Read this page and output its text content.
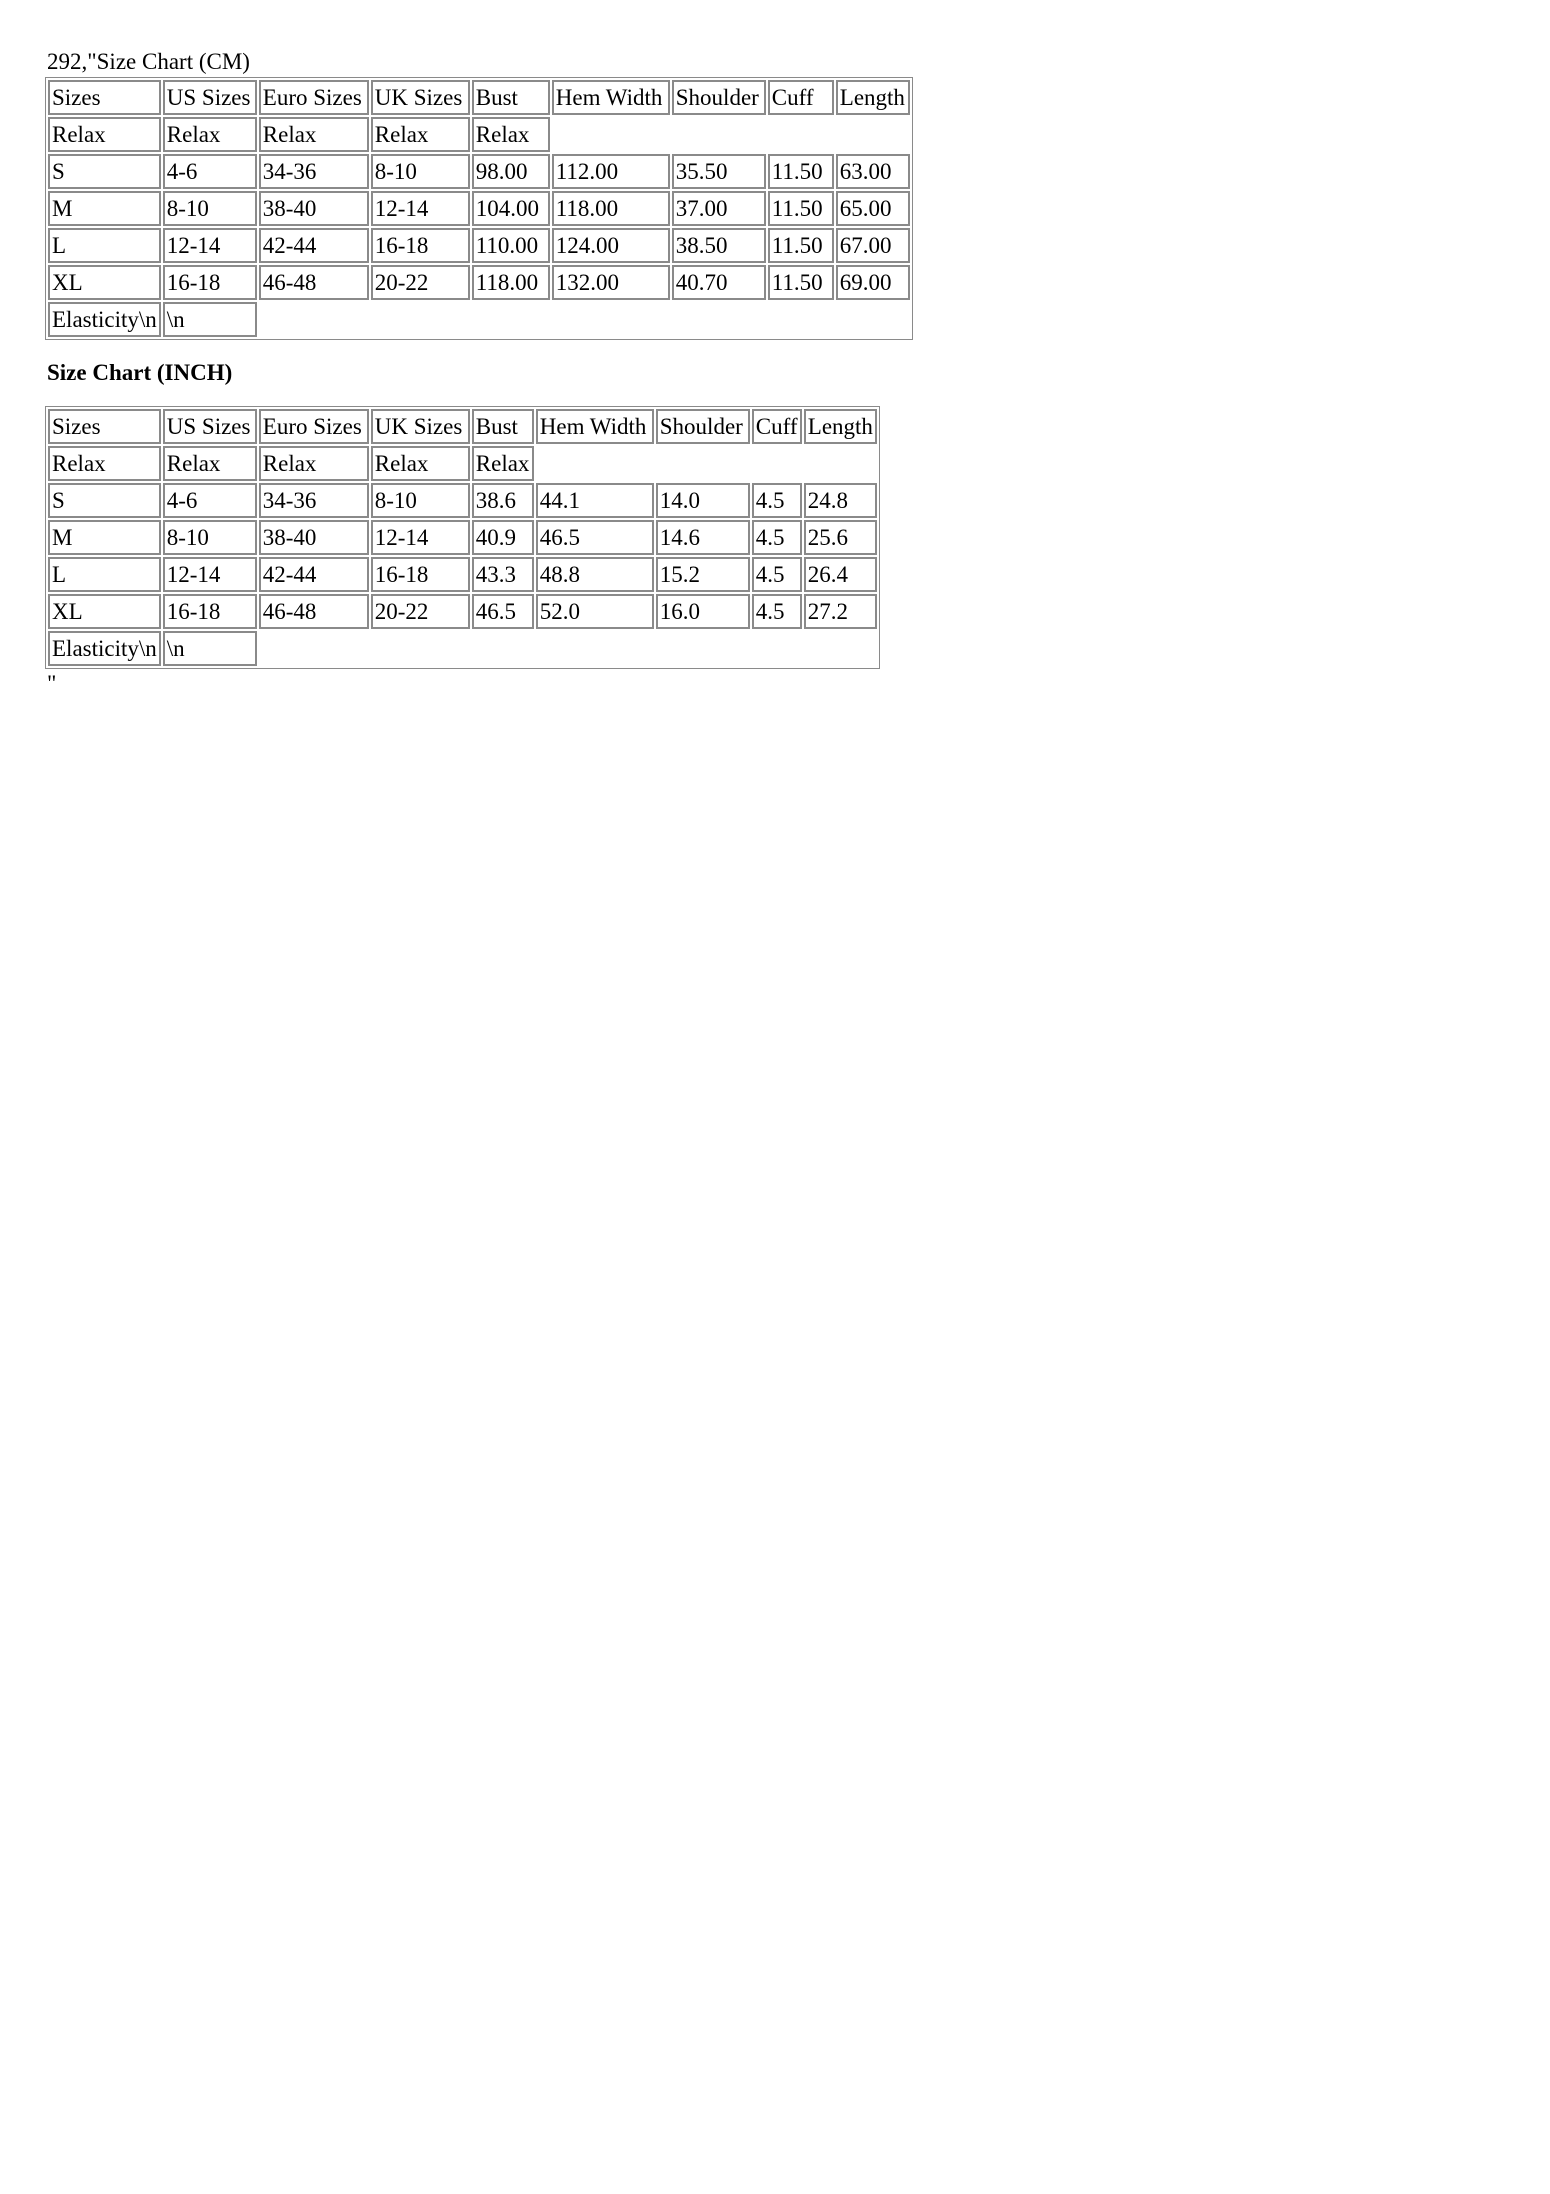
292,"Size Chart (CM)

Sizes	US Sizes	Euro Sizes	UK Sizes	Bust	Hem Width	Shoulder	Cuff	Length
Relax	Relax	Relax	Relax	Relax				
S	4-6	34-36	8-10	98.00	112.00	35.50	11.50	63.00
M	8-10	38-40	12-14	104.00	118.00	37.00	11.50	65.00
L	12-14	42-44	16-18	110.00	124.00	38.50	11.50	67.00
XL	16-18	46-48	20-22	118.00	132.00	40.70	11.50	69.00
Elasticity\n	\n							

Size Chart (INCH)

Sizes	US Sizes	Euro Sizes	UK Sizes	Bust	Hem Width	Shoulder	Cuff	Length
Relax	Relax	Relax	Relax	Relax				
S	4-6	34-36	8-10	38.6	44.1	14.0	4.5	24.8
M	8-10	38-40	12-14	40.9	46.5	14.6	4.5	25.6
L	12-14	42-44	16-18	43.3	48.8	15.2	4.5	26.4
XL	16-18	46-48	20-22	46.5	52.0	16.0	4.5	27.2
Elasticity\n	\n							

"
